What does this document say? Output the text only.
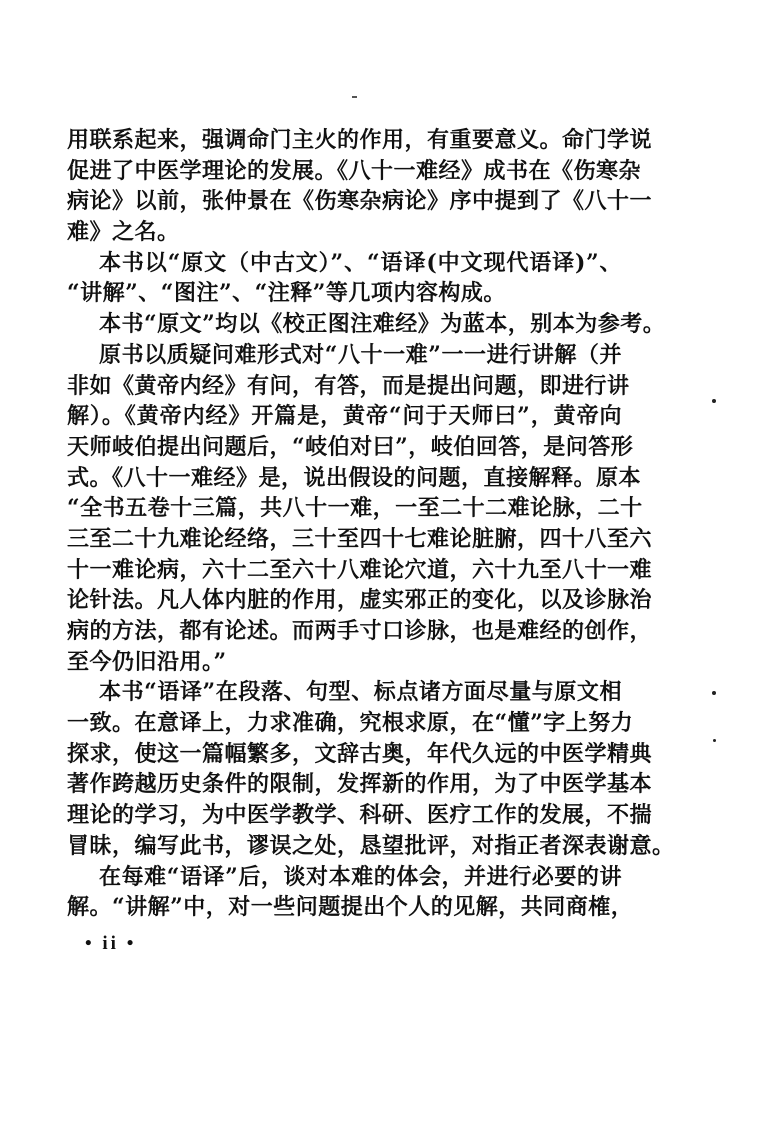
用联系起来，强调命门主火的作用，有重要意义。命门学说
促进了中医学理论的发展。《八十一难经》成书在《伤寒杂
病论》以前，张仲景在《伤寒杂病论》序中提到了《八十一
难》之名。
本书以“原文（中古文）”、“语译(中文现代语译)”、
“讲解”、“图注”、“注释”等几项内容构成。
本书“原文”均以《校正图注难经》为蓝本，别本为参考。
原书以质疑问难形式对“八十一难”一一进行讲解（并
非如《黄帝内经》有问，有答，而是提出问题，即进行讲
解）。《黄帝内经》开篇是，黄帝“问于天师曰”，黄帝向
天师岐伯提出问题后，“岐伯对曰”，岐伯回答，是问答形
式。《八十一难经》是，说出假设的问题，直接解释。原本
“全书五卷十三篇，共八十一难，一至二十二难论脉，二十
三至二十九难论经络，三十至四十七难论脏腑，四十八至六
十一难论病，六十二至六十八难论穴道，六十九至八十一难
论针法。凡人体内脏的作用，虚实邪正的变化，以及诊脉治
病的方法，都有论述。而两手寸口诊脉，也是难经的创作，
至今仍旧沿用。”
本书“语译”在段落、句型、标点诸方面尽量与原文相
一致。在意译上，力求准确，究根求原，在“懂”字上努力
探求，使这一篇幅繁多，文辞古奥，年代久远的中医学精典
著作跨越历史条件的限制，发挥新的作用，为了中医学基本
理论的学习，为中医学教学、科研、医疗工作的发展，不揣
冒昧，编写此书，谬误之处，恳望批评，对指正者深表谢意。
在每难“语译”后，谈对本难的体会，并进行必要的讲
解。“讲解”中，对一些问题提出个人的见解，共同商榷，
• ii •
